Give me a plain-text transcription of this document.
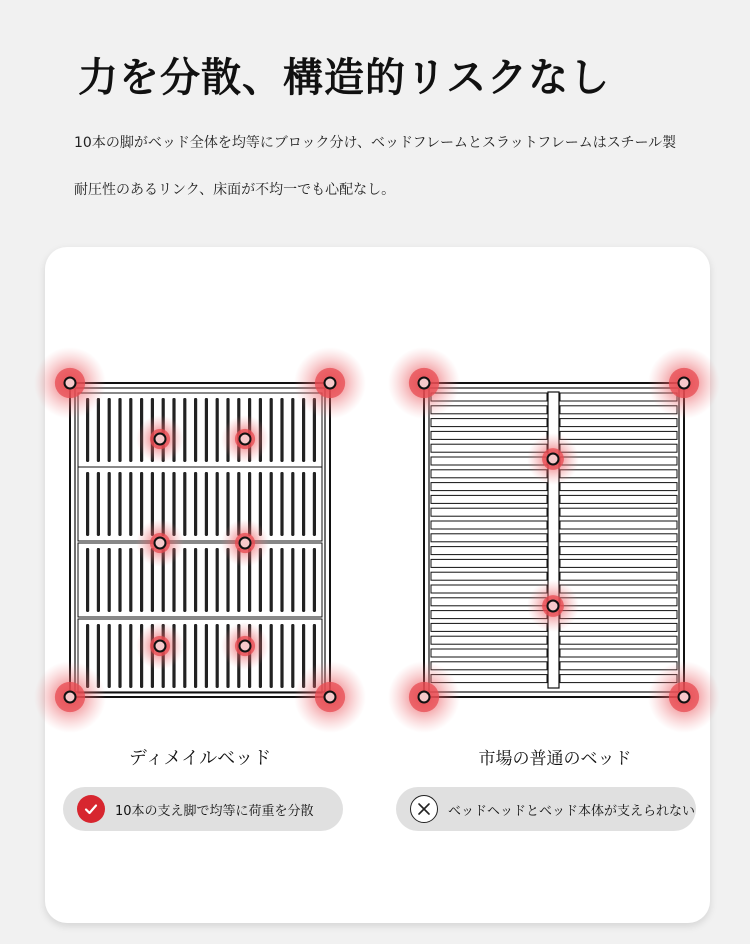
力を分散、構造的リスクなし
10本の脚がベッド全体を均等にブロック分け、ベッドフレームとスラットフレームはスチール製
耐圧性のあるリンク、床面が不均一でも心配なし。
ディメイルベッド	市場の普通のベッド
10本の支え脚で均等に荷重を分散	ベッドヘッドとベッド本体が支えられない
